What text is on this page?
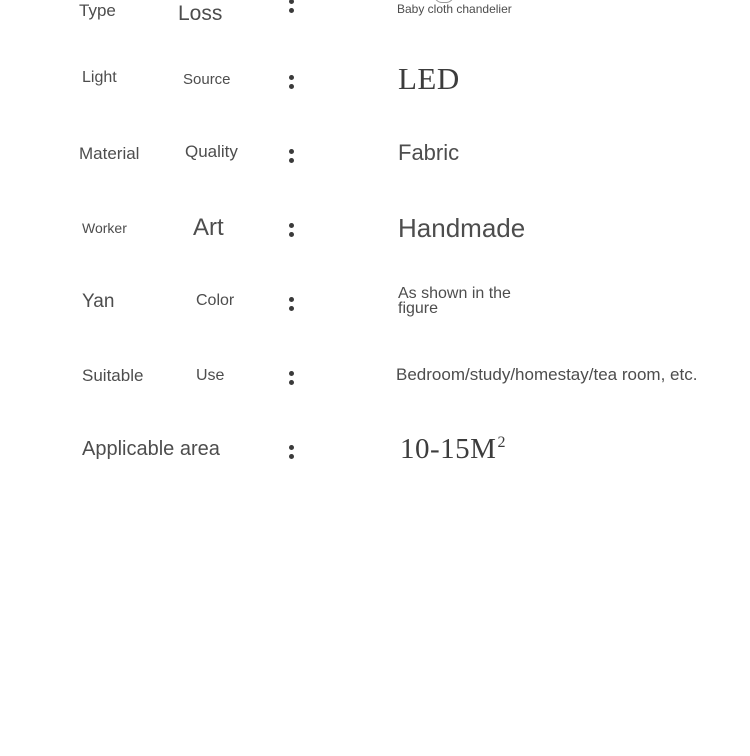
Type	Loss	Baby cloth chandelier
Light	Source	LED
Material	Quality	Fabric
Worker	Art	Handmade
Yan	Color	As shown in the figure
Suitable	Use	Bedroom/study/homestay/tea room, etc.
Applicable area	$10-15M^2$
